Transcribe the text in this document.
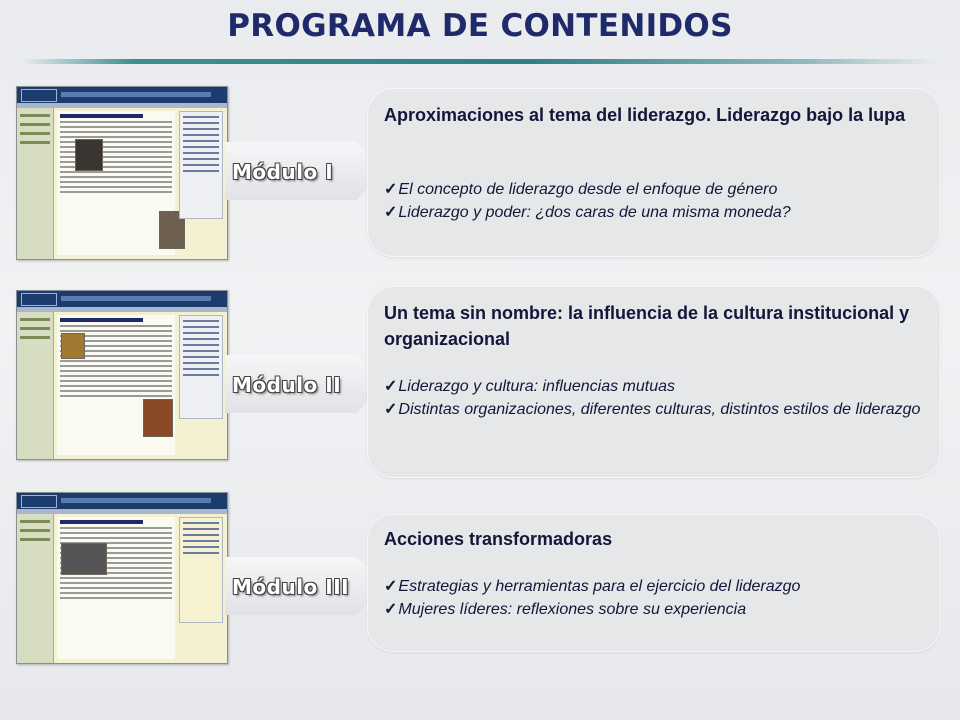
PROGRAMA DE CONTENIDOS
Módulo I
Aproximaciones al tema del liderazgo. Liderazgo bajo la lupa
✓El concepto de liderazgo desde el enfoque de género
✓Liderazgo y poder: ¿dos caras de una misma moneda?
Módulo II
Un tema sin nombre: la influencia de la cultura institucional y organizacional
✓Liderazgo y cultura: influencias mutuas
✓Distintas organizaciones, diferentes culturas, distintos estilos de liderazgo
Módulo III
Acciones transformadoras
✓Estrategias y herramientas para el ejercicio del liderazgo
✓Mujeres líderes: reflexiones sobre su experiencia
